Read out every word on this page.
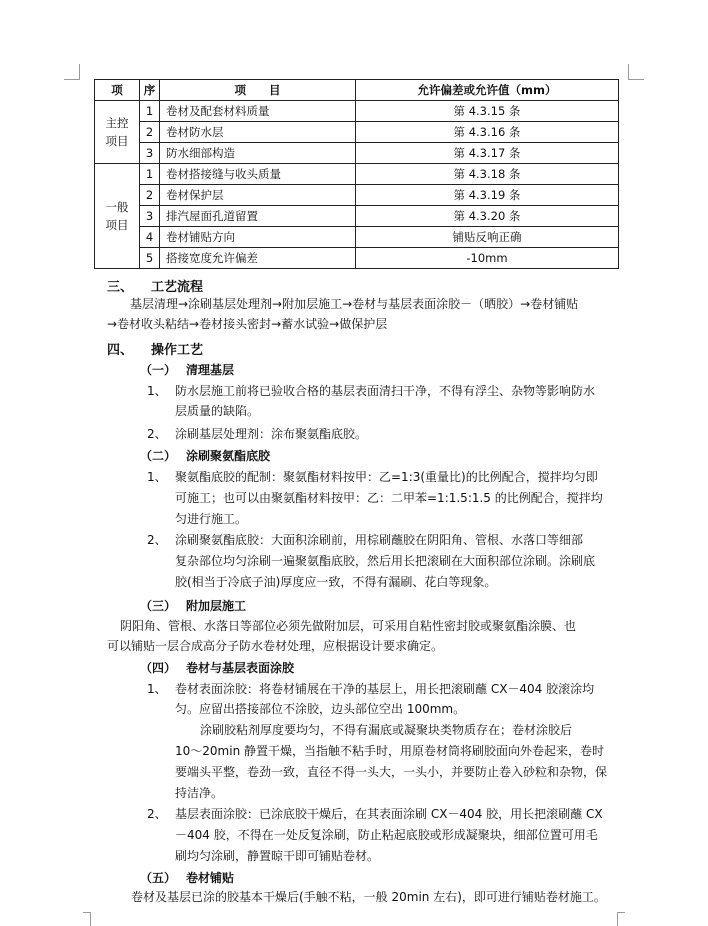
项	序	项　　目	允许偏差或允许值（mm）

主控
项目	1	卷材及配套材料质量	第 4.3.15 条
	2	卷材防水层	第 4.3.16 条
	3	防水细部构造	第 4.3.17 条

一般
项目	1	卷材搭接缝与收头质量	第 4.3.18 条
	2	卷材保护层	第 4.3.19 条
	3	排汽屋面孔道留置	第 4.3.20 条
	4	卷材铺贴方向	铺贴反响正确
	5	搭接宽度允许偏差	-10mm
三、 工艺流程
基层清理→涂刷基层处理剂→附加层施工→卷材与基层表面涂胶－（晒胶）→卷材铺贴
→卷材收头粘结→卷材接头密封→蓄水试验→做保护层
四、 操作工艺
（一） 清理基层
1、 防水层施工前将已验收合格的基层表面清扫干净，不得有浮尘、杂物等影响防水
层质量的缺陷。
2、 涂刷基层处理剂：涂布聚氨酯底胶。
（二） 涂刷聚氨酯底胶
1、 聚氨酯底胶的配制：聚氨酯材料按甲：乙=1:3(重量比)的比例配合，搅拌均匀即
可施工；也可以由聚氨酯材料按甲：乙：二甲苯=1:1.5:1.5 的比例配合，搅拌均
匀进行施工。
2、 涂刷聚氨酯底胶：大面积涂刷前，用棕刷蘸胶在阴阳角、管根、水落口等细部
复杂部位均匀涂刷一遍聚氨酯底胶，然后用长把滚刷在大面积部位涂刷。涂刷底
胶(相当于冷底子油)厚度应一致，不得有漏刷、花白等现象。
（三） 附加层施工
阴阳角、管根、水落日等部位必须先做附加层，可采用自粘性密封胶或聚氨酯涂膜、也
可以铺贴一层合成高分子防水卷材处理，应根据设计要求确定。
（四） 卷材与基层表面涂胶
1、 卷材表面涂胶：将卷材铺展在干净的基层上，用长把滚刷蘸 CX－404 胶滚涂均
匀。应留出搭接部位不涂胶，边头部位空出 100mm。
涂刷胶粘剂厚度要均匀，不得有漏底或凝聚块类物质存在；卷材涂胶后
10～20min 静置干燥，当指触不粘手时，用原卷材筒将刷胶面向外卷起来，卷时
要端头平整，卷劲一致，直径不得一头大，一头小，并要防止卷入砂粒和杂物，保
持洁净。
2、 基层表面涂胶：已涂底胶干燥后，在其表面涂刷 CX－404 胶，用长把滚刷蘸 CX
－404 胶，不得在一处反复涂刷，防止粘起底胶或形成凝聚块，细部位置可用毛
刷均匀涂刷，静置晾干即可铺贴卷材。
（五） 卷材铺贴
卷材及基层已涂的胶基本干燥后(手触不粘，一般 20min 左右)，即可进行铺贴卷材施工。
